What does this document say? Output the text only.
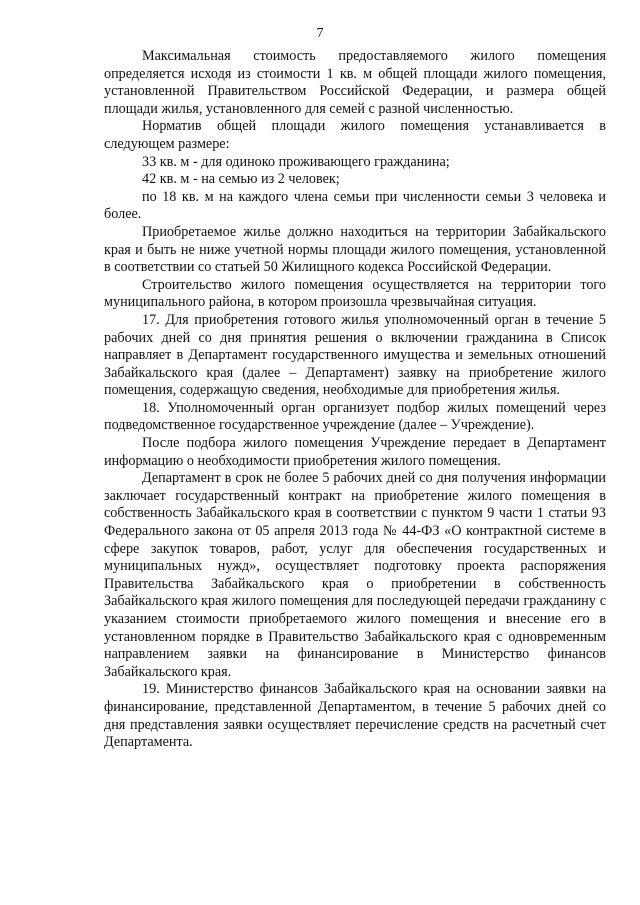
7

Максимальная стоимость предоставляемого жилого помещения определяется исходя из стоимости 1 кв. м общей площади жилого помещения, установленной Правительством Российской Федерации, и размера общей площади жилья, установленного для семей с разной численностью.

Норматив общей площади жилого помещения устанавливается в следующем размере:

33 кв. м - для одиноко проживающего гражданина;

42 кв. м - на семью из 2 человек;

по 18 кв. м на каждого члена семьи при численности семьи 3 человека и более.

Приобретаемое жилье должно находиться на территории Забайкальского края и быть не ниже учетной нормы площади жилого помещения, установленной в соответствии со статьей 50 Жилищного кодекса Российской Федерации.

Строительство жилого помещения осуществляется на территории того муниципального района, в котором произошла чрезвычайная ситуация.

17. Для приобретения готового жилья уполномоченный орган в течение 5 рабочих дней со дня принятия решения о включении гражданина в Список направляет в Департамент государственного имущества и земельных отношений Забайкальского края (далее – Департамент) заявку на приобретение жилого помещения, содержащую сведения, необходимые для приобретения жилья.

18. Уполномоченный орган организует подбор жилых помещений через подведомственное государственное учреждение (далее – Учреждение).

После подбора жилого помещения Учреждение передает в Департамент информацию о необходимости приобретения жилого помещения.

Департамент в срок не более 5 рабочих дней со дня получения информации заключает государственный контракт на приобретение жилого помещения в собственность Забайкальского края в соответствии с пунктом 9 части 1 статьи 93 Федерального закона от 05 апреля 2013 года № 44-ФЗ «О контрактной системе в сфере закупок товаров, работ, услуг для обеспечения государственных и муниципальных нужд», осуществляет подготовку проекта распоряжения Правительства Забайкальского края о приобретении в собственность Забайкальского края жилого помещения для последующей передачи гражданину с указанием стоимости приобретаемого жилого помещения и внесение его в установленном порядке в Правительство Забайкальского края с одновременным направлением заявки на финансирование в Министерство финансов Забайкальского края.

19. Министерство финансов Забайкальского края на основании заявки на финансирование, представленной Департаментом, в течение 5 рабочих дней со дня представления заявки осуществляет перечисление средств на расчетный счет Департамента.
